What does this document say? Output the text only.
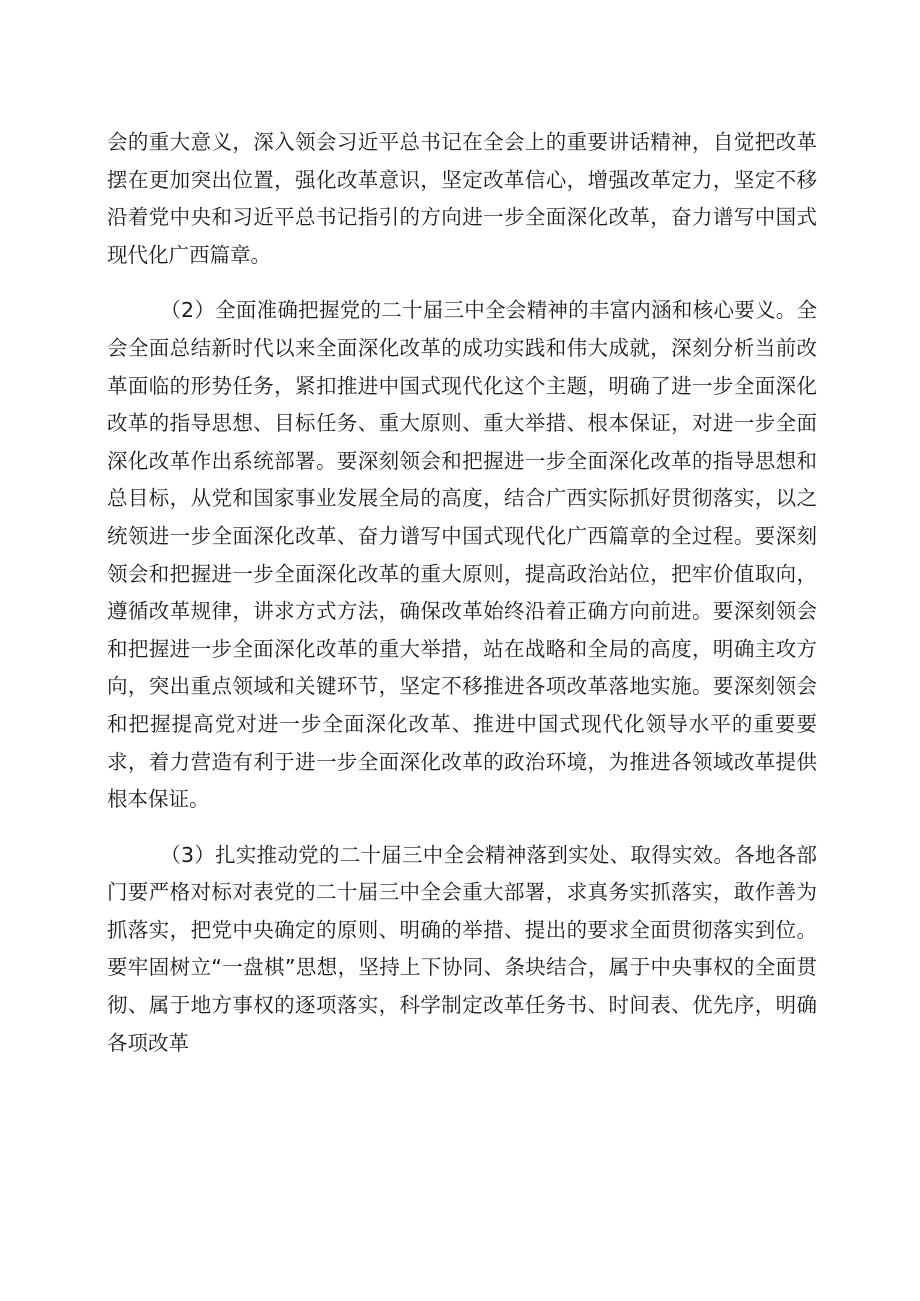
会的重大意义，深入领会习近平总书记在全会上的重要讲话精神，自觉把改革摆在更加突出位置，强化改革意识，坚定改革信心，增强改革定力，坚定不移沿着党中央和习近平总书记指引的方向进一步全面深化改革，奋力谱写中国式现代化广西篇章。

（2）全面准确把握党的二十届三中全会精神的丰富内涵和核心要义。全会全面总结新时代以来全面深化改革的成功实践和伟大成就，深刻分析当前改革面临的形势任务，紧扣推进中国式现代化这个主题，明确了进一步全面深化改革的指导思想、目标任务、重大原则、重大举措、根本保证，对进一步全面深化改革作出系统部署。要深刻领会和把握进一步全面深化改革的指导思想和总目标，从党和国家事业发展全局的高度，结合广西实际抓好贯彻落实，以之统领进一步全面深化改革、奋力谱写中国式现代化广西篇章的全过程。要深刻领会和把握进一步全面深化改革的重大原则，提高政治站位，把牢价值取向，遵循改革规律，讲求方式方法，确保改革始终沿着正确方向前进。要深刻领会和把握进一步全面深化改革的重大举措，站在战略和全局的高度，明确主攻方向，突出重点领域和关键环节，坚定不移推进各项改革落地实施。要深刻领会和把握提高党对进一步全面深化改革、推进中国式现代化领导水平的重要要求，着力营造有利于进一步全面深化改革的政治环境，为推进各领域改革提供根本保证。

（3）扎实推动党的二十届三中全会精神落到实处、取得实效。各地各部门要严格对标对表党的二十届三中全会重大部署，求真务实抓落实，敢作善为抓落实，把党中央确定的原则、明确的举措、提出的要求全面贯彻落实到位。要牢固树立“一盘棋”思想，坚持上下协同、条块结合，属于中央事权的全面贯彻、属于地方事权的逐项落实，科学制定改革任务书、时间表、优先序，明确各项改革
